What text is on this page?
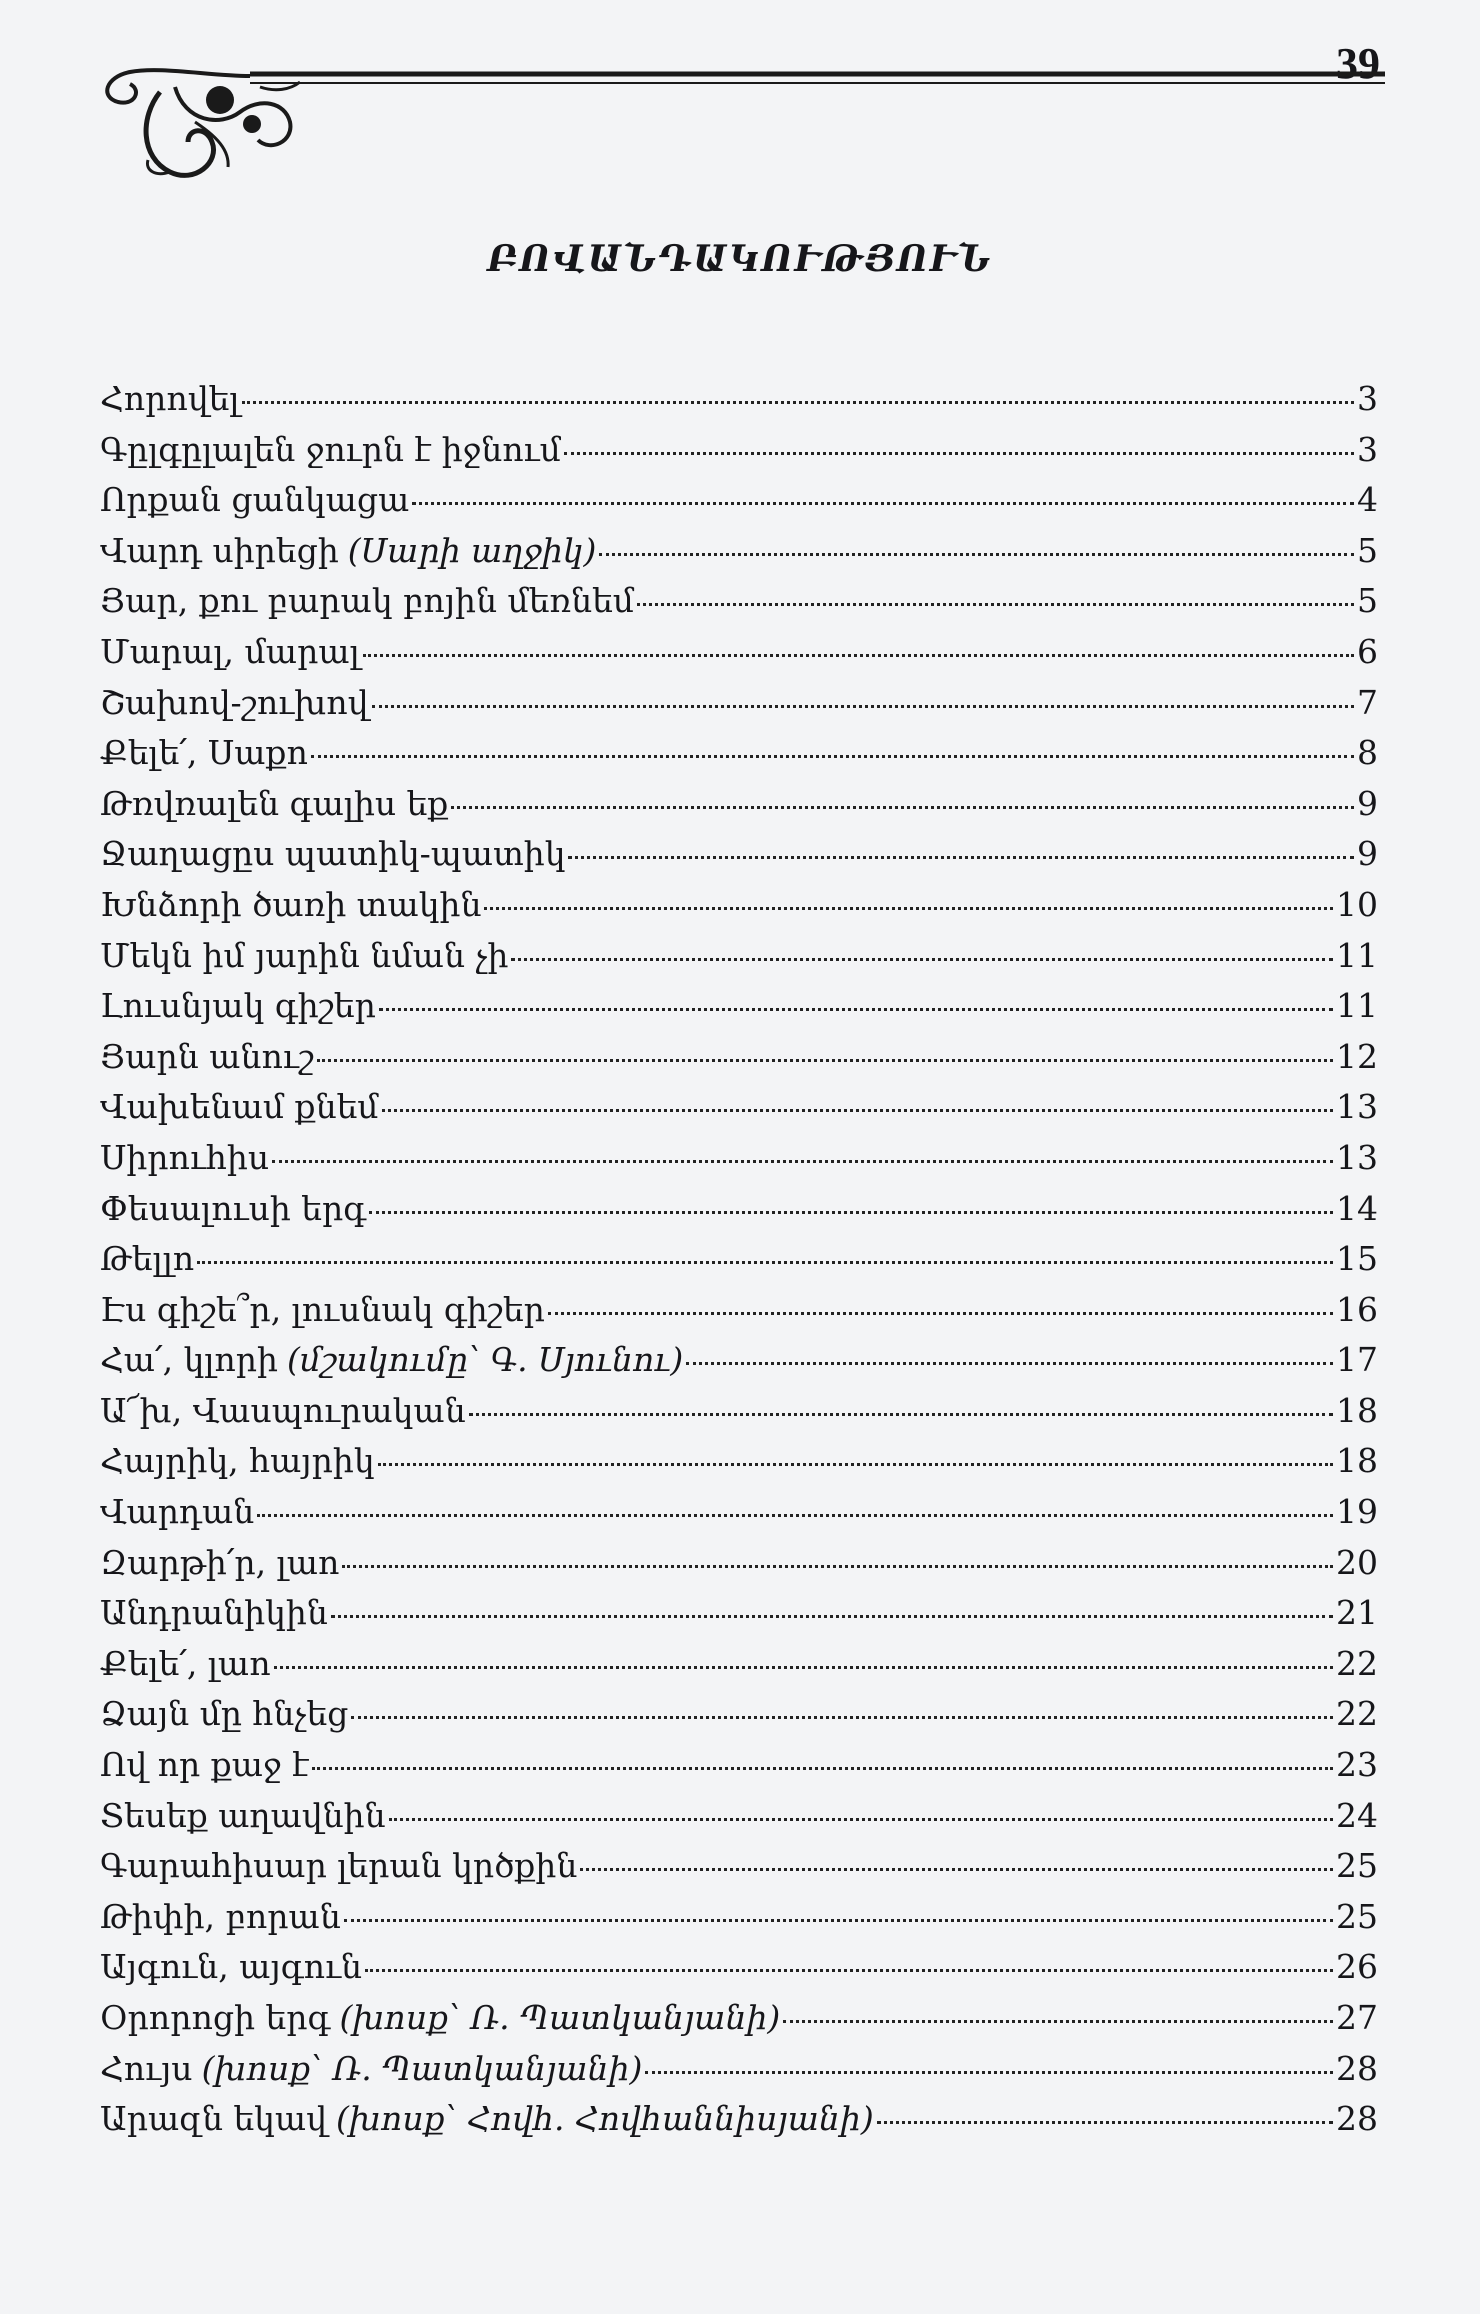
39
ԲՈՎԱՆԴԱԿՈՒԹՅՈՒՆ
Հորովել	3
Գըլգըլալեն ջուրն է իջնում	3
Որքան ցանկացա	4
Վարդ սիրեցի (Սարի աղջիկ)	5
Յար, քու բարակ բոյին մեռնեմ	5
Մարալ, մարալ	6
Շախով-շուխով	7
Քելե՛, Սաքո	8
Թռվռալեն գալիս եք	9
Ջաղացըս պատիկ-պատիկ	9
Խնձորի ծառի տակին	10
Մեկն իմ յարին նման չի	11
Լուսնյակ գիշեր	11
Յարն անուշ	12
Վախենամ քնեմ	13
Սիրուհիս	13
Փեսալուսի երգ	14
Թելլո	15
Էս գիշե՞ր, լուսնակ գիշեր	16
Հա՛, կլորի (մշակումը՝ Գ. Սյունու)	17
Ա՜խ, Վասպուրական	18
Հայրիկ, հայրիկ	18
Վարդան	19
Զարթի՛ր, լաո	20
Անդրանիկին	21
Քելե՛, լաո	22
Ձայն մը հնչեց	22
Ով որ քաջ է	23
Տեսեք աղավնին	24
Գարահիսար լերան կրծքին	25
Թիփի, բորան	25
Այգուն, այգուն	26
Օրորոցի երգ (խոսք՝ Ռ. Պատկանյանի)	27
Հույս (խոսք՝ Ռ. Պատկանյանի)	28
Արազն եկավ (խոսք՝ Հովհ. Հովհաննիսյանի)	28
